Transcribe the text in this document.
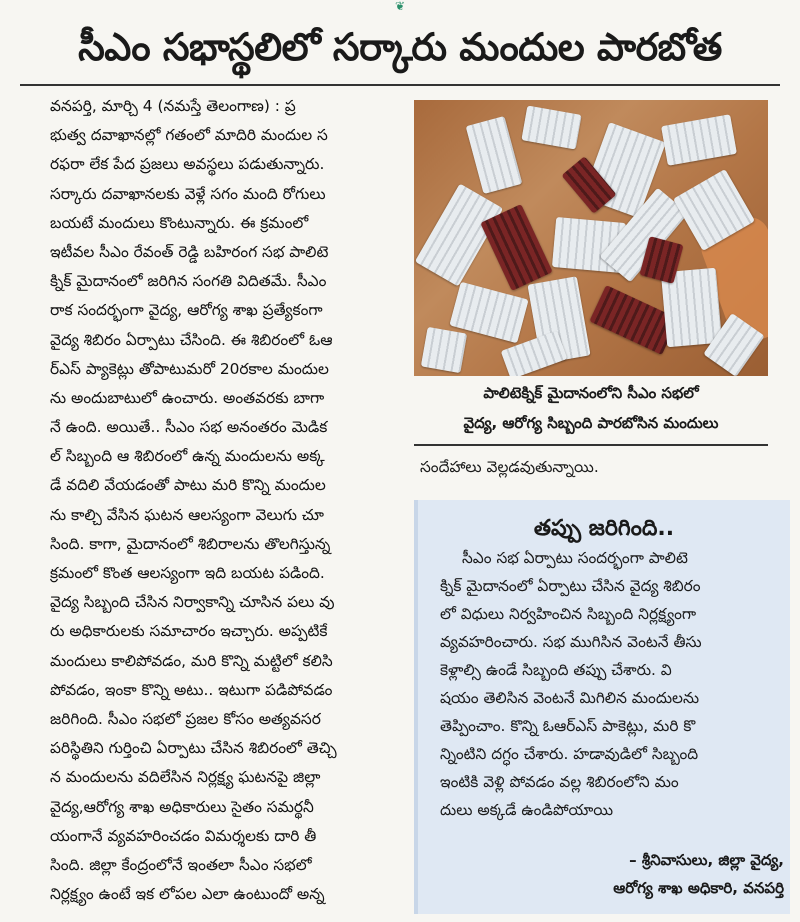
❦
సీఎం సభాస్థలిలో సర్కారు మందుల పారబోత
వనపర్తి, మార్చి 4 (నమస్తే తెలంగాణ) : ప్ర
భుత్వ దవాఖానల్లో గతంలో మాదిరి మందుల స
రఫరా లేక పేద ప్రజలు అవస్థలు పడుతున్నారు.
సర్కారు దవాఖానలకు వెళ్లే సగం మంది రోగులు
బయటే మందులు కొంటున్నారు. ఈ క్రమంలో
ఇటీవల సీఎం రేవంత్ రెడ్డి బహిరంగ సభ పాలిటె
క్నిక్ మైదానంలో జరిగిన సంగతి విదితమే. సీఎం
రాక సందర్భంగా వైద్య, ఆరోగ్య శాఖ ప్రత్యేకంగా
వైద్య శిబిరం ఏర్పాటు చేసింది. ఈ శిబిరంలో ఓఆ
ర్ఎస్ ప్యాకెట్లు తోపాటుమరో 20రకాల మందుల
ను అందుబాటులో ఉంచారు. అంతవరకు బాగా
నే ఉంది. అయితే.. సీఎం సభ అనంతరం మెడిక
ల్ సిబ్బంది ఆ శిబిరంలో ఉన్న మందులను అక్క
డే వదిలి వేయడంతో పాటు మరి కొన్ని మందుల
ను కాల్చి వేసిన ఘటన ఆలస్యంగా వెలుగు చూ
సింది. కాగా, మైదానంలో శిబిరాలను తొలగిస్తున్న
క్రమంలో కొంత ఆలస్యంగా ఇది బయట పడింది.
వైద్య సిబ్బంది చేసిన నిర్వాకాన్ని చూసిన పలు వు
రు అధికారులకు సమాచారం ఇచ్చారు. అప్పటికే
మందులు కాలిపోవడం, మరి కొన్ని మట్టిలో కలిసి
పోవడం, ఇంకా కొన్ని అటు.. ఇటుగా పడిపోవడం
జరిగింది. సీఎం సభలో ప్రజల కోసం అత్యవసర
పరిస్థితిని గుర్తించి ఏర్పాటు చేసిన శిబిరంలో తెచ్చి
న మందులను వదిలేసిన నిర్లక్ష్య ఘటనపై జిల్లా
వైద్య,ఆరోగ్య శాఖ అధికారులు సైతం సమర్థనీ
యంగానే వ్యవహరించడం విమర్శలకు దారి తీ
సింది. జిల్లా కేంద్రంలోనే ఇంతలా సీఎం సభలో
నిర్లక్ష్యం ఉంటే ఇక లోపల ఎలా ఉంటుందో అన్న
పాలిటెక్నిక్ మైదానంలోని సీఎం సభలో
వైద్య, ఆరోగ్య సిబ్బంది పారబోసిన మందులు
సందేహాలు వెల్లడవుతున్నాయి.
తప్పు జరిగింది..
సీఎం సభ ఏర్పాటు సందర్భంగా పాలిటె
క్నిక్ మైదానంలో ఏర్పాటు చేసిన వైద్య శిబిరం
లో విధులు నిర్వహించిన సిబ్బంది నిర్లక్ష్యంగా
వ్యవహరించారు. సభ ముగిసిన వెంటనే తీసు
కెళ్లాల్సి ఉండే సిబ్బంది తప్పు చేశారు. వి
షయం తెలిసిన వెంటనే మిగిలిన మందులను
తెప్పించాం. కొన్ని ఓఆర్ఎస్ పాకెట్లు, మరి కొ
న్నింటిని దగ్ధం చేశారు. హడావుడిలో సిబ్బంది
ఇంటికి వెళ్లి పోవడం వల్ల శిబిరంలోని మం
దులు అక్కడే ఉండిపోయాయి
– శ్రీనివాసులు, జిల్లా వైద్య,
ఆరోగ్య శాఖ అధికారి, వనపర్తి
